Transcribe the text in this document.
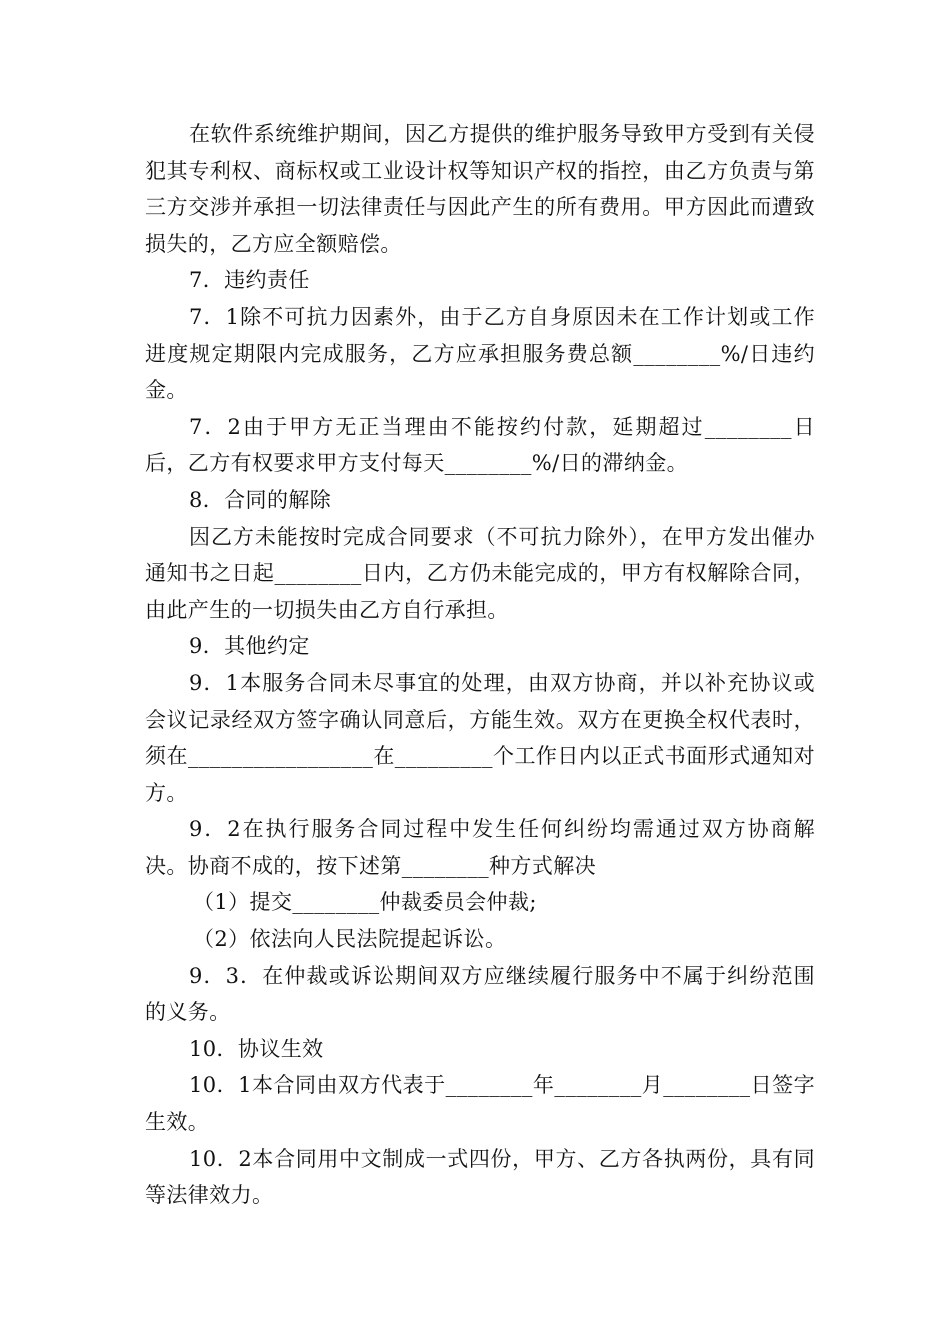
在软件系统维护期间，因乙方提供的维护服务导致甲方受到有关侵犯其专利权、商标权或工业设计权等知识产权的指控，由乙方负责与第三方交涉并承担一切法律责任与因此产生的所有费用。甲方因此而遭致损失的，乙方应全额赔偿。

7．违约责任

7．1除不可抗力因素外，由于乙方自身原因未在工作计划或工作进度规定期限内完成服务，乙方应承担服务费总额________%/日违约金。

7．2由于甲方无正当理由不能按约付款，延期超过________日后，乙方有权要求甲方支付每天________%/日的滞纳金。

8．合同的解除

因乙方未能按时完成合同要求（不可抗力除外），在甲方发出催办通知书之日起________日内，乙方仍未能完成的，甲方有权解除合同，由此产生的一切损失由乙方自行承担。

9．其他约定

9．1本服务合同未尽事宜的处理，由双方协商，并以补充协议或会议记录经双方签字确认同意后，方能生效。双方在更换全权代表时，须在_________________在_________个工作日内以正式书面形式通知对方。

9．2在执行服务合同过程中发生任何纠纷均需通过双方协商解决。协商不成的，按下述第________种方式解决

（1）提交________仲裁委员会仲裁;

（2）依法向人民法院提起诉讼。

9．3．在仲裁或诉讼期间双方应继续履行服务中不属于纠纷范围的义务。

10．协议生效

10．1本合同由双方代表于________年________月________日签字生效。

10．2本合同用中文制成一式四份，甲方、乙方各执两份，具有同等法律效力。
